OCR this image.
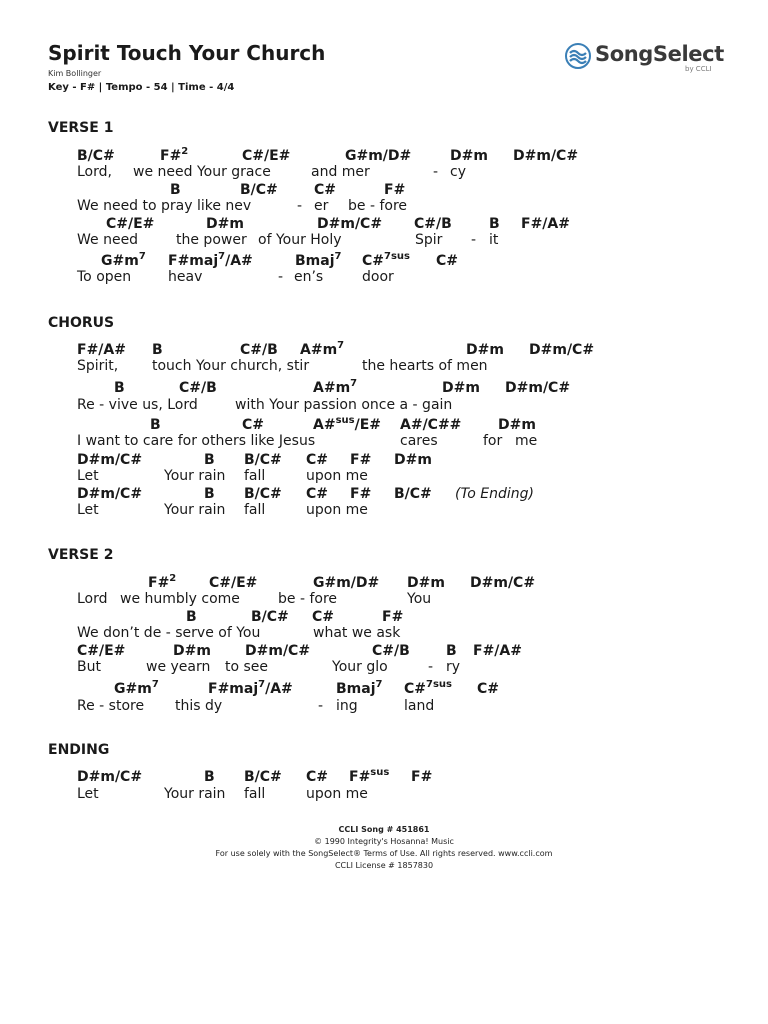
Spirit Touch Your Church
Kim Bollinger
Key - F# | Tempo - 54 | Time - 4/4
SongSelect
by CCLI
VERSE 1
B/C#	F#$^2$	C#/E#	G#m/D#	D#m D#m/C#
Lord, we need Your grace	and mer	- cy
B	B/C#	C#	F#
We need to pray like nev	- er be - fore
C#/E#	D#m	D#m/C# C#/B	B F#/A#
We need	the power of Your Holy	Spir - it
$G\#m^7$ F#maj$^7$/A#	Bmaj$^7$ C#$^{7sus}$ C#
To open	heav	- en’s	door
CHORUS
F#/A# B	C#/B $A\#m^7$	D#m D#m/C#
Spirit, touch Your church, stir	the hearts of men
B	C#/B	$A\#m^7$	D#m D#m/C#
Re - vive us, Lord	with Your passion once a - gain
B	C#	A#$^{sus}$/E# A#/C##	D#m
I want to care for others like Jesus	cares	for me
D#m/C#	B B/C# C# F# D#m
Let	Your rain fall	upon me
D#m/C#	B B/C# C# F# B/C# (To Ending)
Let	Your rain fall	upon me
VERSE 2
F#$^2$ C#/E#	G#m/D# D#m D#m/C#
Lord we humbly come	be - fore	You
B	B/C# C#	F#
We don’t de - serve of You	what we ask
C#/E#	D#m D#m/C#	C#/B	B F#/A#
But	we yearn to see	Your glo	- ry
$G\#m^7$	F#maj$^7$/A#	Bmaj$^7$ C#$^{7sus}$ C#
Re - store this dy	- ing	land
ENDING
D#m/C#	B B/C# C# F#$^{sus}$ F#
Let	Your rain fall	upon me
CCLI Song # 451861
© 1990 Integrity's Hosanna! Music
For use solely with the SongSelect® Terms of Use. All rights reserved. www.ccli.com
CCLI License # 1857830
